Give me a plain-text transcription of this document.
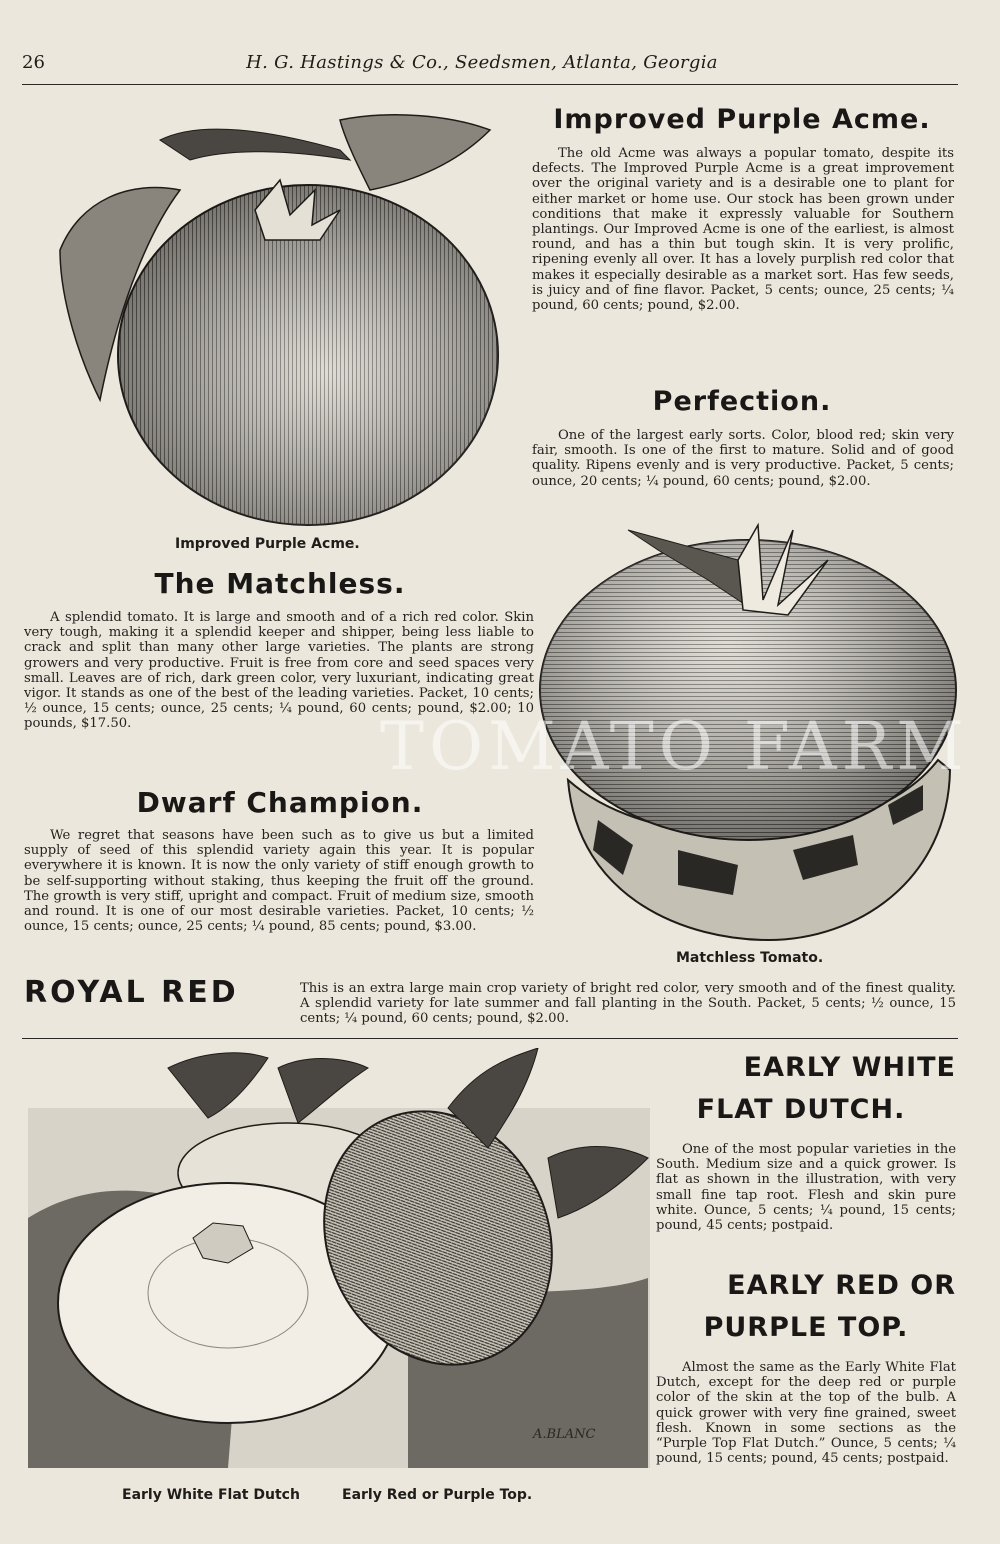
26	H. G. Hastings & Co., Seedsmen, Atlanta, Georgia
Improved Purple Acme.
Improved Purple Acme.
The old Acme was always a popular tomato, despite its defects. The Improved Purple Acme is a great improvement over the original variety and is a desirable one to plant for either market or home use. Our stock has been grown under conditions that make it expressly valuable for Southern plantings. Our Improved Acme is one of the earliest, is almost round, and has a thin but tough skin. It is very prolific, ripening evenly all over. It has a lovely purplish red color that makes it especially desirable as a market sort. Has few seeds, is juicy and of fine flavor. Packet, 5 cents; ounce, 25 cents; ¼ pound, 60 cents; pound, $2.00.
Perfection.
One of the largest early sorts. Color, blood red; skin very fair, smooth. Is one of the first to mature. Solid and of good quality. Ripens evenly and is very productive. Packet, 5 cents; ounce, 20 cents; ¼ pound, 60 cents; pound, $2.00.
The Matchless.
A splendid tomato. It is large and smooth and of a rich red color. Skin very tough, making it a splendid keeper and shipper, being less liable to crack and split than many other large varieties. The plants are strong growers and very productive. Fruit is free from core and seed spaces very small. Leaves are of rich, dark green color, very luxuriant, indicating great vigor. It stands as one of the best of the leading varieties. Packet, 10 cents; ½ ounce, 15 cents; ounce, 25 cents; ¼ pound, 60 cents; pound, $2.00; 10 pounds, $17.50.	TOMATO FARM
Matchless Tomato.
Dwarf Champion.
We regret that seasons have been such as to give us but a limited supply of seed of this splendid variety again this year. It is popular everywhere it is known. It is now the only variety of stiff enough growth to be self-supporting without staking, thus keeping the fruit off the ground. The growth is very stiff, upright and compact. Fruit of medium size, smooth and round. It is one of our most desirable varieties. Packet, 10 cents; ½ ounce, 15 cents; ounce, 25 cents; ¼ pound, 85 cents; pound, $3.00.
ROYAL RED	This is an extra large main crop variety of bright red color, very smooth and of the finest quality. A splendid variety for late summer and fall planting in the South. Packet, 5 cents; ½ ounce, 15 cents; ¼ pound, 60 cents; pound, $2.00.
A.BLANC
Early White Flat Dutch	Early Red or Purple Top.
EARLY WHITE
FLAT DUTCH.
One of the most popular varieties in the South. Medium size and a quick grower. Is flat as shown in the illustration, with very small fine tap root. Flesh and skin pure white. Ounce, 5 cents; ¼ pound, 15 cents; pound, 45 cents; postpaid.
EARLY RED OR
PURPLE TOP.
Almost the same as the Early White Flat Dutch, except for the deep red or purple color of the skin at the top of the bulb. A quick grower with very fine grained, sweet flesh. Known in some sections as the “Purple Top Flat Dutch.” Ounce, 5 cents; ¼ pound, 15 cents; pound, 45 cents; postpaid.
